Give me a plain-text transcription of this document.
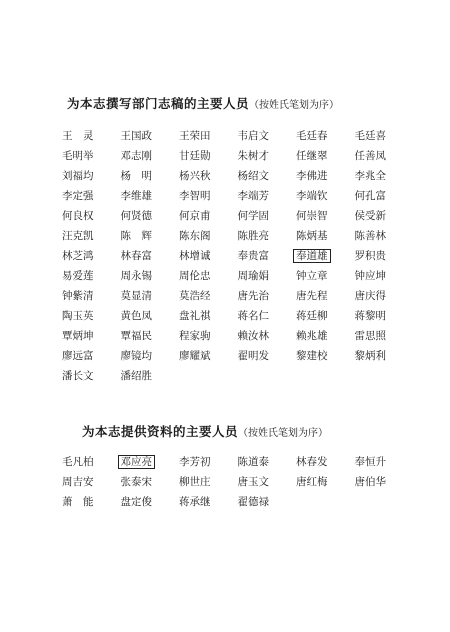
为本志撰写部门志稿的主要人员（按姓氏笔划为序）
王　灵	王国政	王荣田	韦启文	毛廷春	毛廷喜
毛明举	邓志刚	甘廷勋	朱树才	任继翠	任善凤
刘福均	杨　明	杨兴秋	杨绍文	李佛进	李兆全
李定强	李维雄	李智明	李端芳	李端钦	何孔富
何良权	何贤德	何京甫	何学固	何崇智	侯受新
汪克凯	陈　辉	陈东阁	陈胜亮	陈炳基	陈善林
林芝鸿	林春富	林增诚	奉贵富	奉道雄	罗积贵
易爱莲	周永锡	周伦忠	周瑜娟	钟立章	钟应坤
钟紫清	莫显清	莫浩经	唐先治	唐先程	唐庆得
陶玉英	黄色凤	盘礼祺	蒋名仁	蒋廷柳	蒋黎明
覃炳坤	覃福民	程家驹	赖汝林	赖兆雄	雷思照
廖远富	廖镜均	廖耀斌	翟明发	黎建校	黎炳利
潘长文	潘绍胜
为本志提供资料的主要人员（按姓氏笔划为序）
毛凡柏	邓应亮	李芳初	陈道泰	林春发	奉恒升
周吉安	张泰宋	柳世庄	唐玉文	唐红梅	唐伯华
萧　能	盘定俊	蒋承继	翟德禄
